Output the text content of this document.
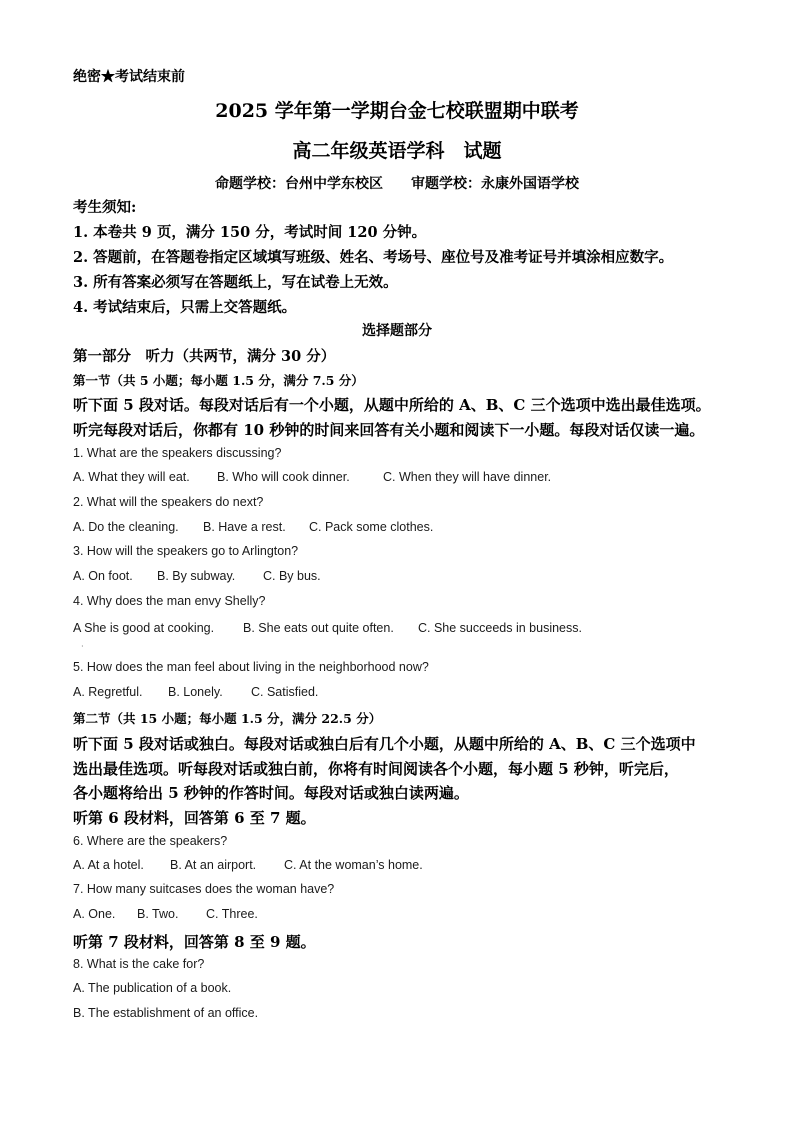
绝密★考试结束前
2025 学年第一学期台金七校联盟期中联考
高二年级英语学科　试题
命题学校：台州中学东校区　　审题学校：永康外国语学校
考生须知:
1. 本卷共 9 页，满分 150 分，考试时间 120 分钟。
2. 答题前，在答题卷指定区域填写班级、姓名、考场号、座位号及准考证号并填涂相应数字。
3. 所有答案必须写在答题纸上，写在试卷上无效。
4. 考试结束后，只需上交答题纸。
选择题部分
第一部分　听力（共两节，满分 30 分）
第一节（共 5 小题；每小题 1.5 分，满分 7.5 分）
听下面 5 段对话。每段对话后有一个小题，从题中所给的 A、B、C 三个选项中选出最佳选项。
听完每段对话后，你都有 10 秒钟的时间来回答有关小题和阅读下一小题。每段对话仅读一遍。
1. What are the speakers discussing?
A. What they will eat. B. Who will cook dinner.	C. When they will have dinner.
2. What will the speakers do next?
A. Do the cleaning. B. Have a rest. C. Pack some clothes.
3. How will the speakers go to Arlington?
A. On foot. B. By subway. C. By bus.
4. Why does the man envy Shelly?
A She is good at cooking. B. She eats out quite often. C. She succeeds in business.
·
5. How does the man feel about living in the neighborhood now?
A. Regretful. B. Lonely. C. Satisfied.
第二节（共 15 小题；每小题 1.5 分，满分 22.5 分）
听下面 5 段对话或独白。每段对话或独白后有几个小题，从题中所给的 A、B、C 三个选项中
选出最佳选项。听每段对话或独白前，你将有时间阅读各个小题，每小题 5 秒钟，听完后，
各小题将给出 5 秒钟的作答时间。每段对话或独白读两遍。
听第 6 段材料，回答第 6 至 7 题。
6. Where are the speakers?
A. At a hotel. B. At an airport. C. At the woman’s home.
7. How many suitcases does the woman have?
A. One. B. Two. C. Three.
听第 7 段材料，回答第 8 至 9 题。
8. What is the cake for?
A. The publication of a book.
B. The establishment of an office.
